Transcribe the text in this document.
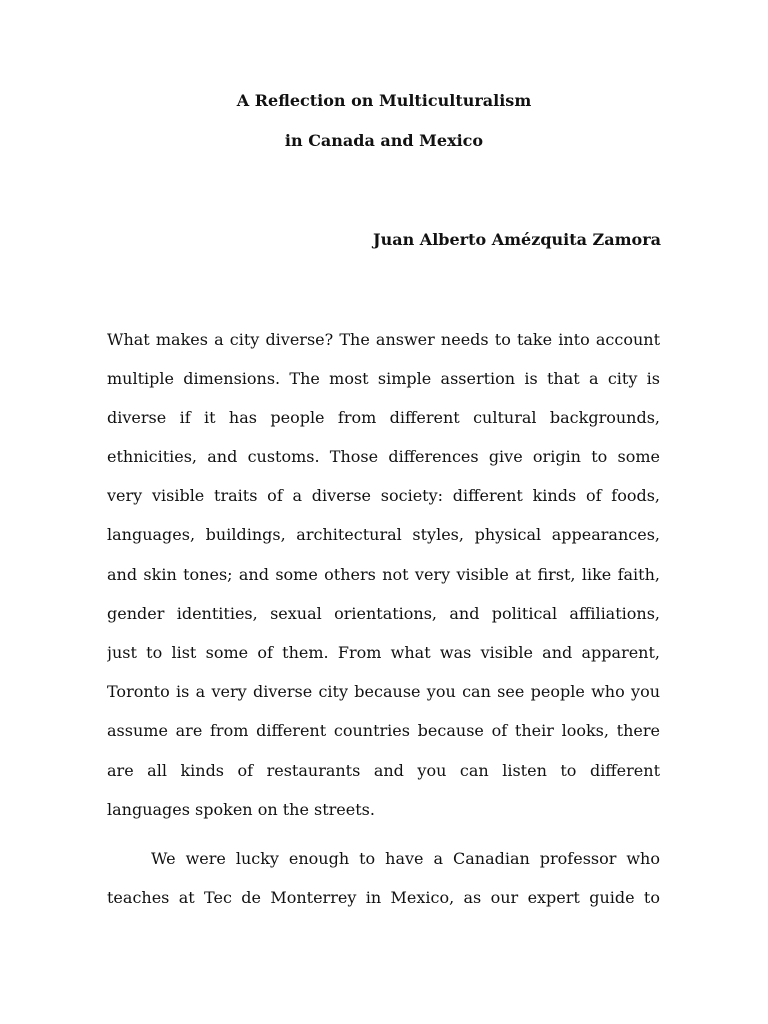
A Reflection on Multiculturalism
in Canada and Mexico
Juan Alberto Amézquita Zamora
What makes a city diverse? The answer needs to take into account
multiple dimensions. The most simple assertion is that a city is
diverse if it has people from different cultural backgrounds,
ethnicities, and customs. Those differences give origin to some
very visible traits of a diverse society: different kinds of foods,
languages, buildings, architectural styles, physical appearances,
and skin tones; and some others not very visible at first, like faith,
gender identities, sexual orientations, and political affiliations,
just to list some of them. From what was visible and apparent,
Toronto is a very diverse city because you can see people who you
assume are from different countries because of their looks, there
are all kinds of restaurants and you can listen to different
languages spoken on the streets.
We were lucky enough to have a Canadian professor who
teaches at Tec de Monterrey in Mexico, as our expert guide to
